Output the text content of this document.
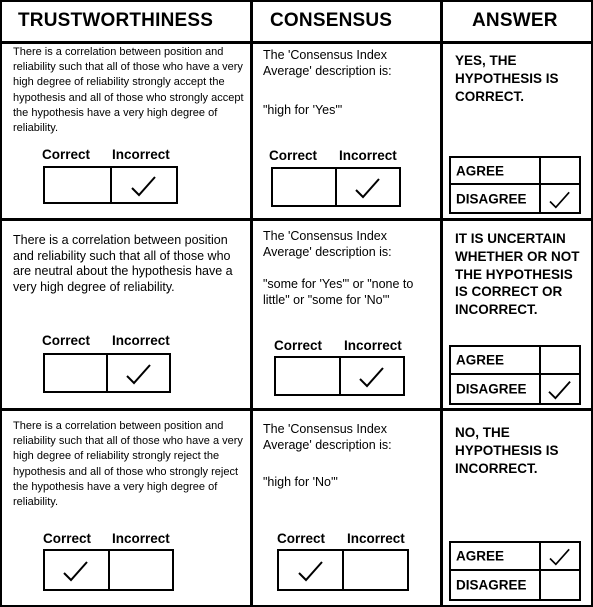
TRUSTWORTHINESS	CONSENSUS	ANSWER
There is a correlation between position and reliability such that all of those who have a very high degree of reliability strongly accept the hypothesis and all of those who strongly accept the hypothesis have a very high degree of reliability.
Correct Incorrect
The 'Consensus Index Average' description is:
"high for 'Yes'"
Correct Incorrect
YES, THE HYPOTHESIS IS CORRECT.
AGREE
DISAGREE
There is a correlation between position and reliability such that all of those who are neutral about the hypothesis have a very high degree of reliability.
Correct Incorrect
The 'Consensus Index Average' description is:
"some for 'Yes'" or "none to little" or "some for 'No'"
Correct Incorrect
IT IS UNCERTAIN WHETHER OR NOT THE HYPOTHESIS IS CORRECT OR INCORRECT.
AGREE
DISAGREE
There is a correlation between position and reliability such that all of those who have a very high degree of reliability strongly reject the hypothesis and all of those who strongly reject the hypothesis have a very high degree of reliability.
Correct Incorrect
The 'Consensus Index Average' description is:
"high for 'No'"
Correct Incorrect
NO, THE HYPOTHESIS IS INCORRECT.
AGREE
DISAGREE
